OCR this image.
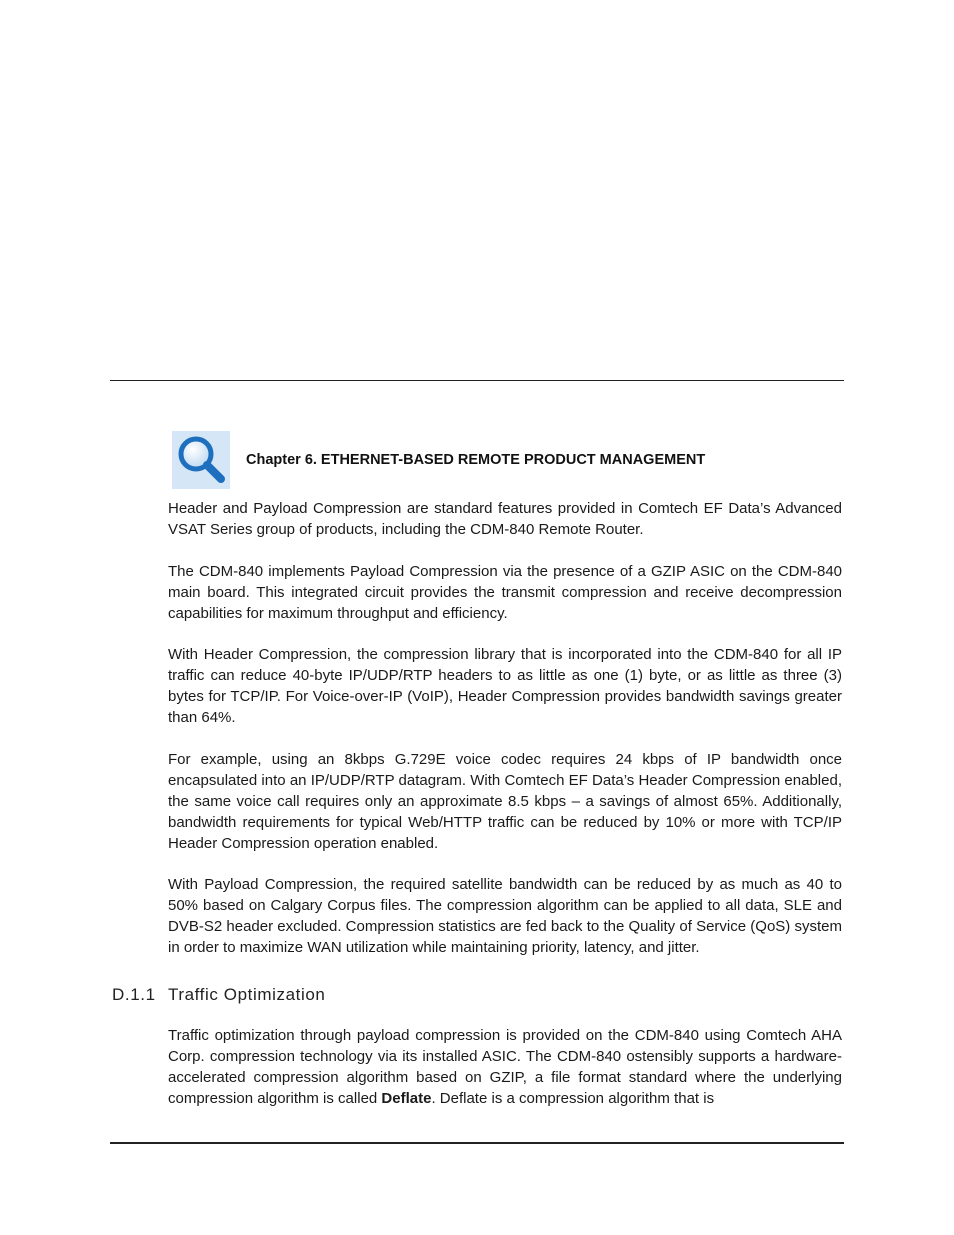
Chapter 6. ETHERNET-BASED REMOTE PRODUCT MANAGEMENT

Header and Payload Compression are standard features provided in Comtech EF Data’s Advanced VSAT Series group of products, including the CDM-840 Remote Router.

The CDM-840 implements Payload Compression via the presence of a GZIP ASIC on the CDM-840 main board. This integrated circuit provides the transmit compression and receive decompression capabilities for maximum throughput and efficiency.

With Header Compression, the compression library that is incorporated into the CDM-840 for all IP traffic can reduce 40-byte IP/UDP/RTP headers to as little as one (1) byte, or as little as three (3) bytes for TCP/IP. For Voice-over-IP (VoIP), Header Compression provides bandwidth savings greater than 64%.

For example, using an 8kbps G.729E voice codec requires 24 kbps of IP bandwidth once encapsulated into an IP/UDP/RTP datagram. With Comtech EF Data’s Header Compression enabled, the same voice call requires only an approximate 8.5 kbps – a savings of almost 65%. Additionally, bandwidth requirements for typical Web/HTTP traffic can be reduced by 10% or more with TCP/IP Header Compression operation enabled.

With Payload Compression, the required satellite bandwidth can be reduced by as much as 40 to 50% based on Calgary Corpus files. The compression algorithm can be applied to all data, SLE and DVB-S2 header excluded. Compression statistics are fed back to the Quality of Service (QoS) system in order to maximize WAN utilization while maintaining priority, latency, and jitter.

D.1.1 Traffic Optimization

Traffic optimization through payload compression is provided on the CDM-840 using Comtech AHA Corp. compression technology via its installed ASIC. The CDM-840 ostensibly supports a hardware-accelerated compression algorithm based on GZIP, a file format standard where the underlying compression algorithm is called Deflate. Deflate is a compression algorithm that is
